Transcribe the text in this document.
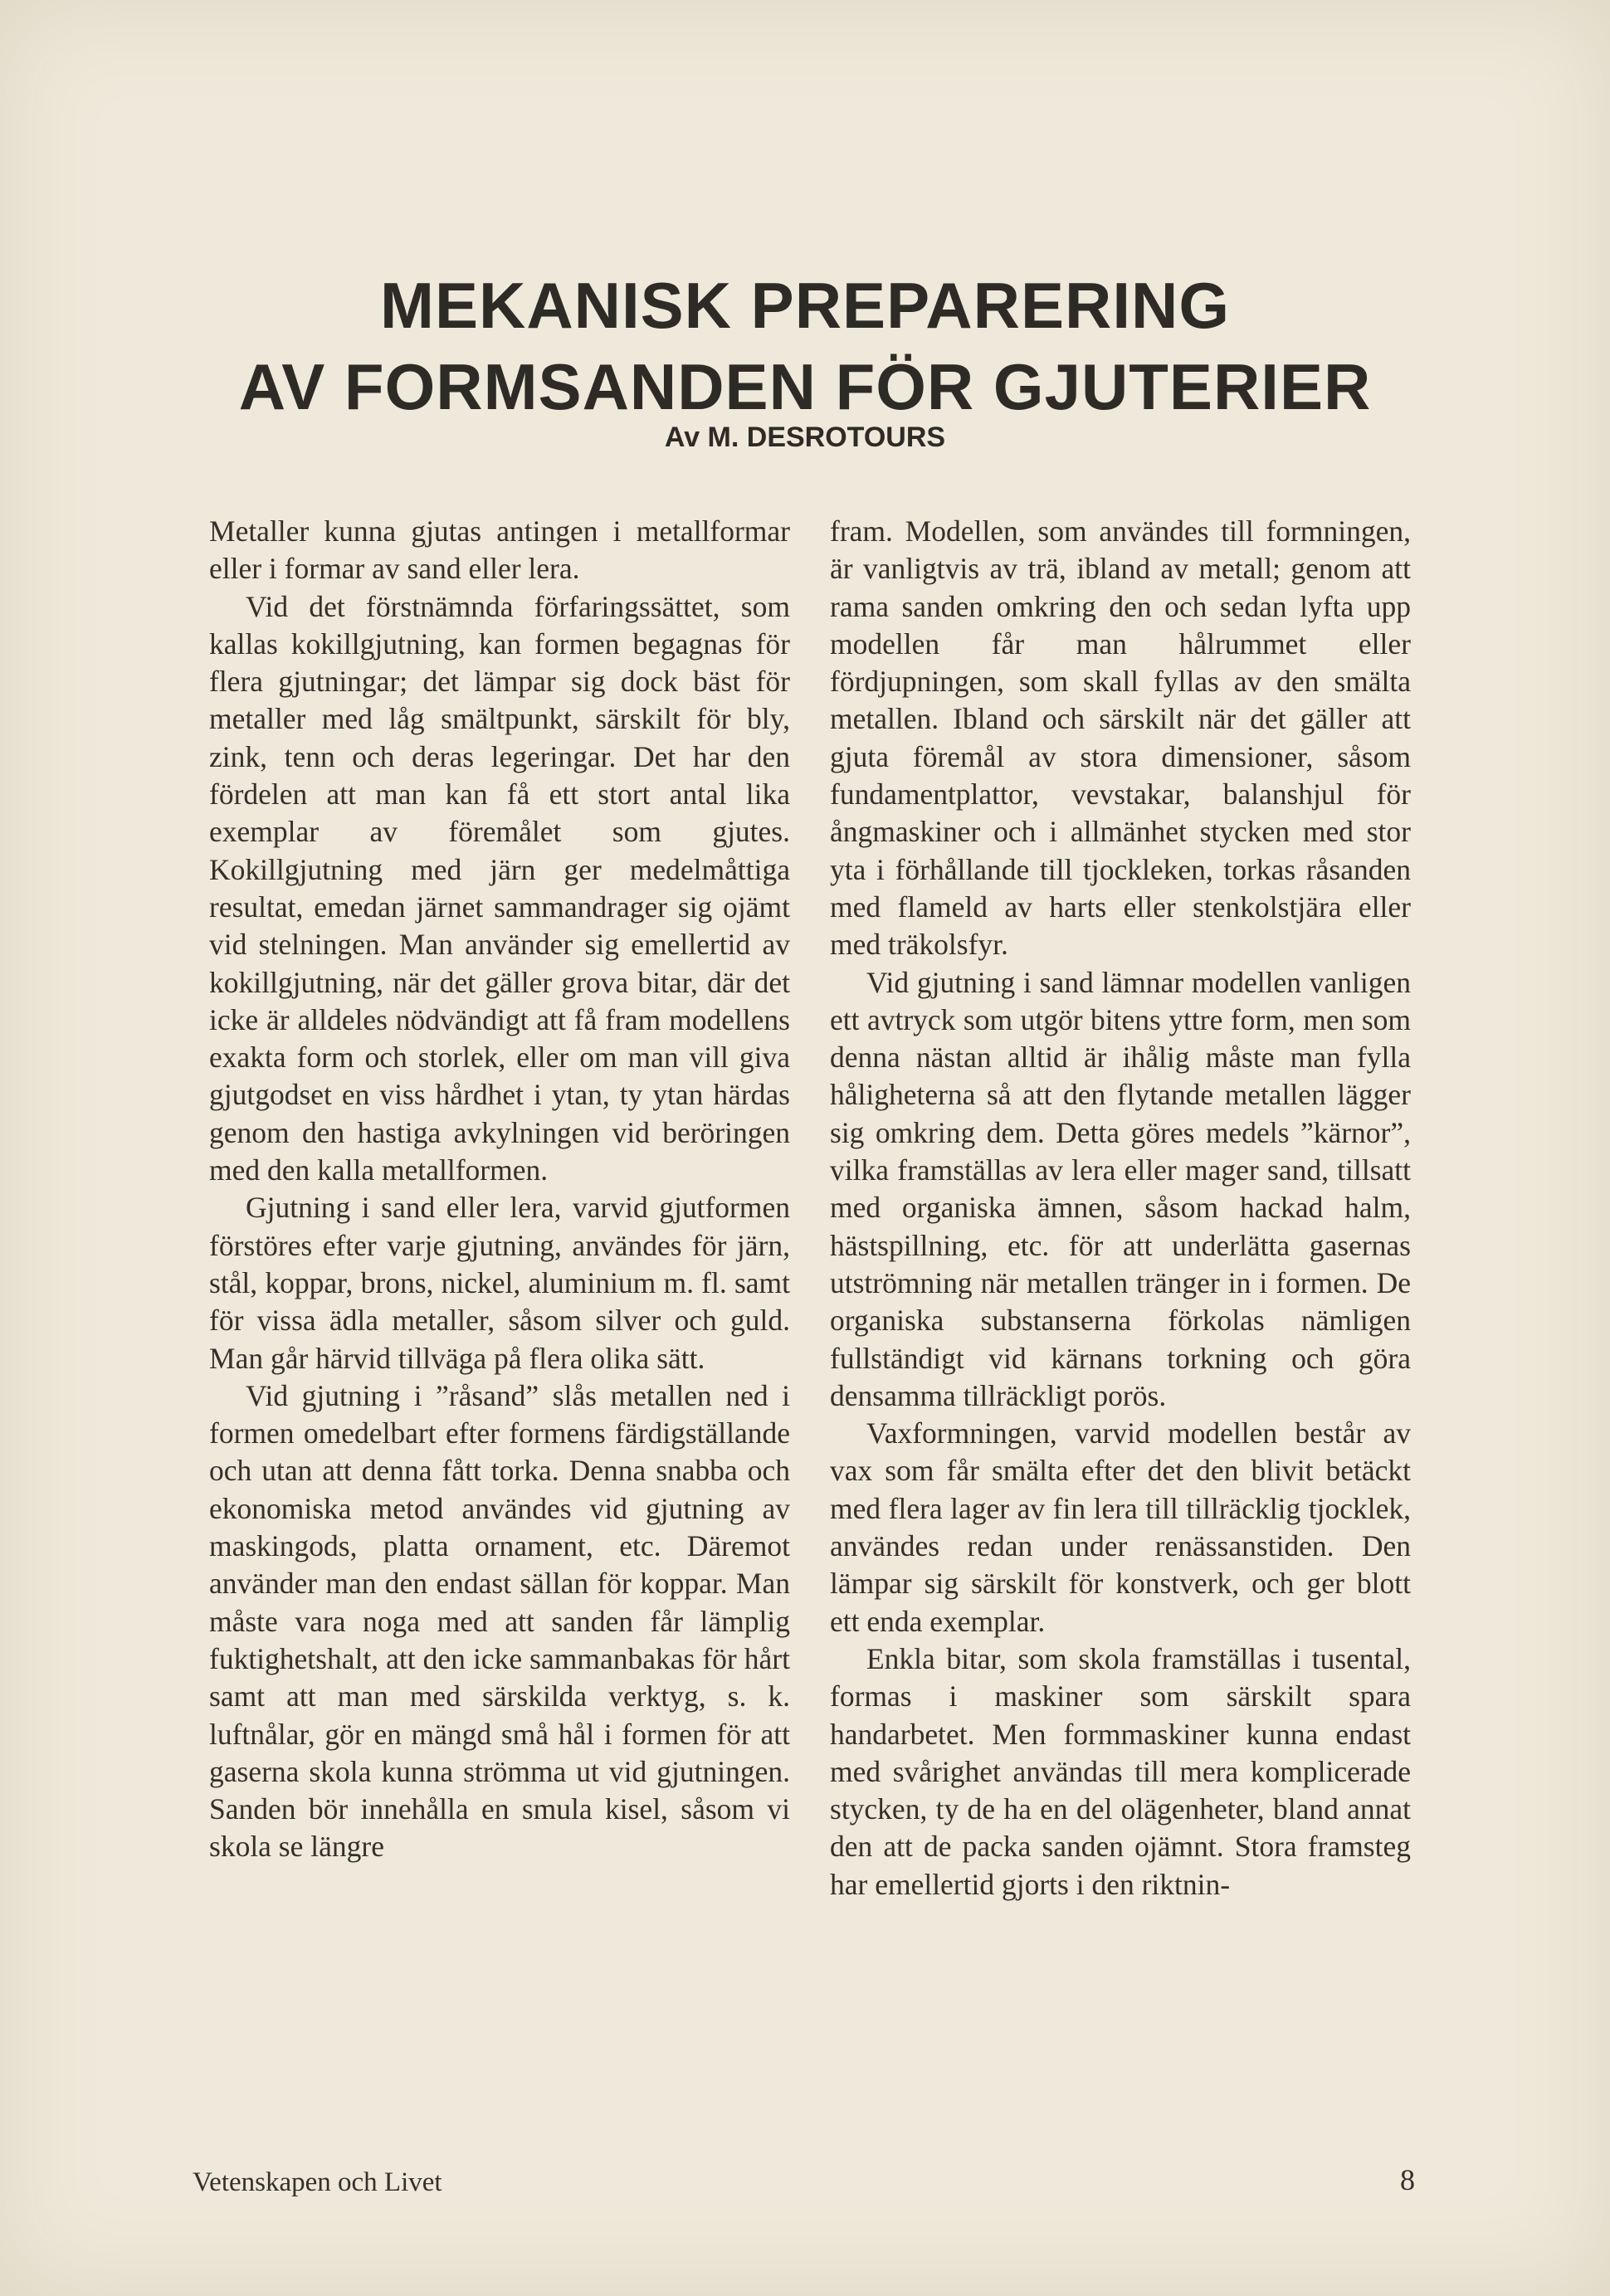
MEKANISK PREPARERING
AV FORMSANDEN FÖR GJUTERIER
Av M. DESROTOURS

Metaller kunna gjutas antingen i metallformar eller i formar av sand eller lera.

Vid det förstnämnda förfaringssättet, som kallas kokillgjutning, kan formen begagnas för flera gjutningar; det lämpar sig dock bäst för metaller med låg smältpunkt, särskilt för bly, zink, tenn och deras legeringar. Det har den fördelen att man kan få ett stort antal lika exemplar av föremålet som gjutes. Kokillgjutning med järn ger medelmåttiga resultat, emedan järnet sammandrager sig ojämt vid stelningen. Man använder sig emellertid av kokillgjutning, när det gäller grova bitar, där det icke är alldeles nödvändigt att få fram modellens exakta form och storlek, eller om man vill giva gjutgodset en viss hårdhet i ytan, ty ytan härdas genom den hastiga avkylningen vid beröringen med den kalla metallformen.

Gjutning i sand eller lera, varvid gjutformen förstöres efter varje gjutning, användes för järn, stål, koppar, brons, nickel, aluminium m. fl. samt för vissa ädla metaller, såsom silver och guld. Man går härvid tillväga på flera olika sätt.

Vid gjutning i ”råsand” slås metallen ned i formen omedelbart efter formens färdigställande och utan att denna fått torka. Denna snabba och ekonomiska metod användes vid gjutning av maskingods, platta ornament, etc. Däremot använder man den endast sällan för koppar. Man måste vara noga med att sanden får lämplig fuktighetshalt, att den icke sammanbakas för hårt samt att man med särskilda verktyg, s. k. luftnålar, gör en mängd små hål i formen för att gaserna skola kunna strömma ut vid gjutningen. Sanden bör innehålla en smula kisel, såsom vi skola se längre

fram. Modellen, som användes till formningen, är vanligtvis av trä, ibland av metall; genom att rama sanden omkring den och sedan lyfta upp modellen får man hålrummet eller fördjupningen, som skall fyllas av den smälta metallen. Ibland och särskilt när det gäller att gjuta föremål av stora dimensioner, såsom fundamentplattor, vevstakar, balanshjul för ångmaskiner och i allmänhet stycken med stor yta i förhållande till tjockleken, torkas råsanden med flameld av harts eller stenkolstjära eller med träkolsfyr.

Vid gjutning i sand lämnar modellen vanligen ett avtryck som utgör bitens yttre form, men som denna nästan alltid är ihålig måste man fylla håligheterna så att den flytande metallen lägger sig omkring dem. Detta göres medels ”kärnor”, vilka framställas av lera eller mager sand, tillsatt med organiska ämnen, såsom hackad halm, hästspillning, etc. för att underlätta gasernas utströmning när metallen tränger in i formen. De organiska substanserna förkolas nämligen fullständigt vid kärnans torkning och göra densamma tillräckligt porös.

Vaxformningen, varvid modellen består av vax som får smälta efter det den blivit betäckt med flera lager av fin lera till tillräcklig tjocklek, användes redan under renässanstiden. Den lämpar sig särskilt för konstverk, och ger blott ett enda exemplar.

Enkla bitar, som skola framställas i tusental, formas i maskiner som särskilt spara handarbetet. Men formmaskiner kunna endast med svårighet användas till mera komplicerade stycken, ty de ha en del olägenheter, bland annat den att de packa sanden ojämnt. Stora framsteg har emellertid gjorts i den riktnin-

Vetenskapen och Livet	8
